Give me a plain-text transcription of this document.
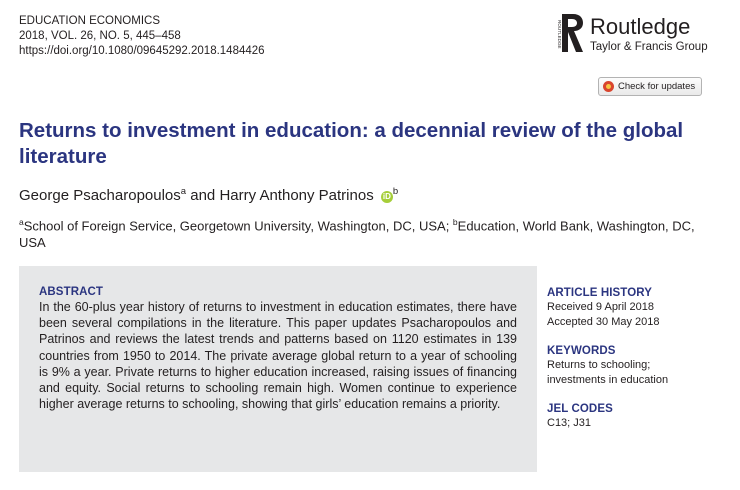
EDUCATION ECONOMICS
2018, VOL. 26, NO. 5, 445–458
https://doi.org/10.1080/09645292.2018.1484426
ROUTLEDGE Routledge
Taylor & Francis Group
Check for updates
Returns to investment in education: a decennial review of the global literature
George Psacharopoulos$^a$ and Harry Anthony Patrinos iD $^b$
$^a$School of Foreign Service, Georgetown University, Washington, DC, USA; $^b$Education, World Bank, Washington, DC, USA
ABSTRACT

In the 60-plus year history of returns to investment in education estimates, there have been several compilations in the literature. This paper updates Psacharopoulos and Patrinos and reviews the latest trends and patterns based on 1120 estimates in 139 countries from 1950 to 2014. The private average global return to a year of schooling is 9% a year. Private returns to higher education increased, raising issues of financing and equity. Social returns to schooling remain high. Women continue to experience higher average returns to schooling, showing that girls’ education remains a priority.

ARTICLE HISTORY
Received 9 April 2018
Accepted 30 May 2018
KEYWORDS
Returns to schooling; investments in education
JEL CODES
C13; J31
